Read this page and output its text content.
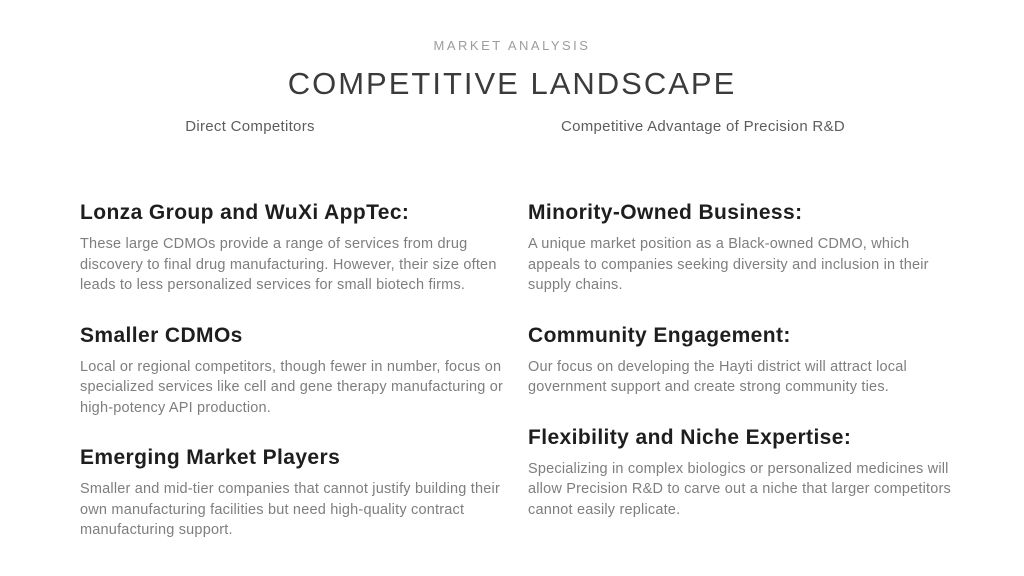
MARKET ANALYSIS
COMPETITIVE LANDSCAPE
Direct Competitors	Competitive Advantage of Precision R&D
Lonza Group and WuXi AppTec:

These large CDMOs provide a range of services from drug discovery to final drug manufacturing. However, their size often leads to less personalized services for small biotech firms.

Smaller CDMOs

Local or regional competitors, though fewer in number, focus on specialized services like cell and gene therapy manufacturing or high-potency API production.

Emerging Market Players

Smaller and mid-tier companies that cannot justify building their own manufacturing facilities but need high-quality contract manufacturing support.

Minority-Owned Business:

A unique market position as a Black-owned CDMO, which appeals to companies seeking diversity and inclusion in their supply chains.

Community Engagement:

Our focus on developing the Hayti district will attract local government support and create strong community ties.

Flexibility and Niche Expertise:

Specializing in complex biologics or personalized medicines will allow Precision R&D to carve out a niche that larger competitors cannot easily replicate.
